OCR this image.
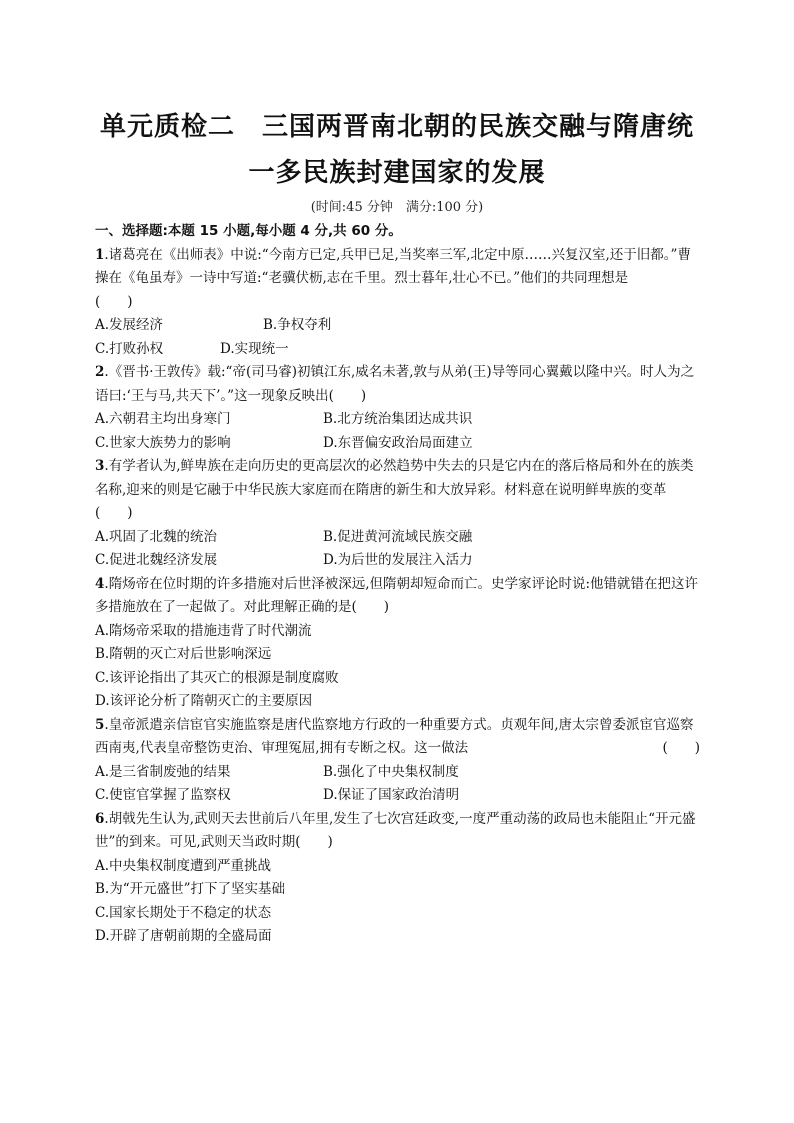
单元质检二　三国两晋南北朝的民族交融与隋唐统
一多民族封建国家的发展
(时间:45 分钟　满分:100 分)
一、选择题:本题 15 小题,每小题 4 分,共 60 分。
1.诸葛亮在《出师表》中说:“今南方已定,兵甲已足,当奖率三军,北定中原……兴复汉室,还于旧都。”曹操在《龟虽寿》一诗中写道:“老骥伏枥,志在千里。烈士暮年,壮心不已。”他们的共同理想是
(　　)
A.发展经济	B.争权夺利
C.打败孙权	D.实现统一
2.《晋书·王敦传》载:“帝(司马睿)初镇江东,威名未著,敦与从弟(王)导等同心翼戴以隆中兴。时人为之语曰:‘王与马,共天下’。”这一现象反映出(　　)
A.六朝君主均出身寒门	B.北方统治集团达成共识
C.世家大族势力的影响	D.东晋偏安政治局面建立
3.有学者认为,鲜卑族在走向历史的更高层次的必然趋势中失去的只是它内在的落后格局和外在的族类名称,迎来的则是它融于中华民族大家庭而在隋唐的新生和大放异彩。材料意在说明鲜卑族的变革(　　)
A.巩固了北魏的统治	B.促进黄河流域民族交融
C.促进北魏经济发展	D.为后世的发展注入活力
4.隋炀帝在位时期的许多措施对后世泽被深远,但隋朝却短命而亡。史学家评论时说:他错就错在把这许多措施放在了一起做了。对此理解正确的是(　　)
A.隋炀帝采取的措施违背了时代潮流
B.隋朝的灭亡对后世影响深远
C.该评论指出了其灭亡的根源是制度腐败
D.该评论分析了隋朝灭亡的主要原因
5.皇帝派遣亲信宦官实施监察是唐代监察地方行政的一种重要方式。贞观年间,唐太宗曾委派宦官巡察西南夷,代表皇帝整饬吏治、审理冤屈,拥有专断之权。这一做法	(　　)
A.是三省制废弛的结果	B.强化了中央集权制度
C.使宦官掌握了监察权	D.保证了国家政治清明
6.胡戟先生认为,武则天去世前后八年里,发生了七次宫廷政变,一度严重动荡的政局也未能阻止“开元盛世”的到来。可见,武则天当政时期(　　)
A.中央集权制度遭到严重挑战
B.为“开元盛世”打下了坚实基础
C.国家长期处于不稳定的状态
D.开辟了唐朝前期的全盛局面
